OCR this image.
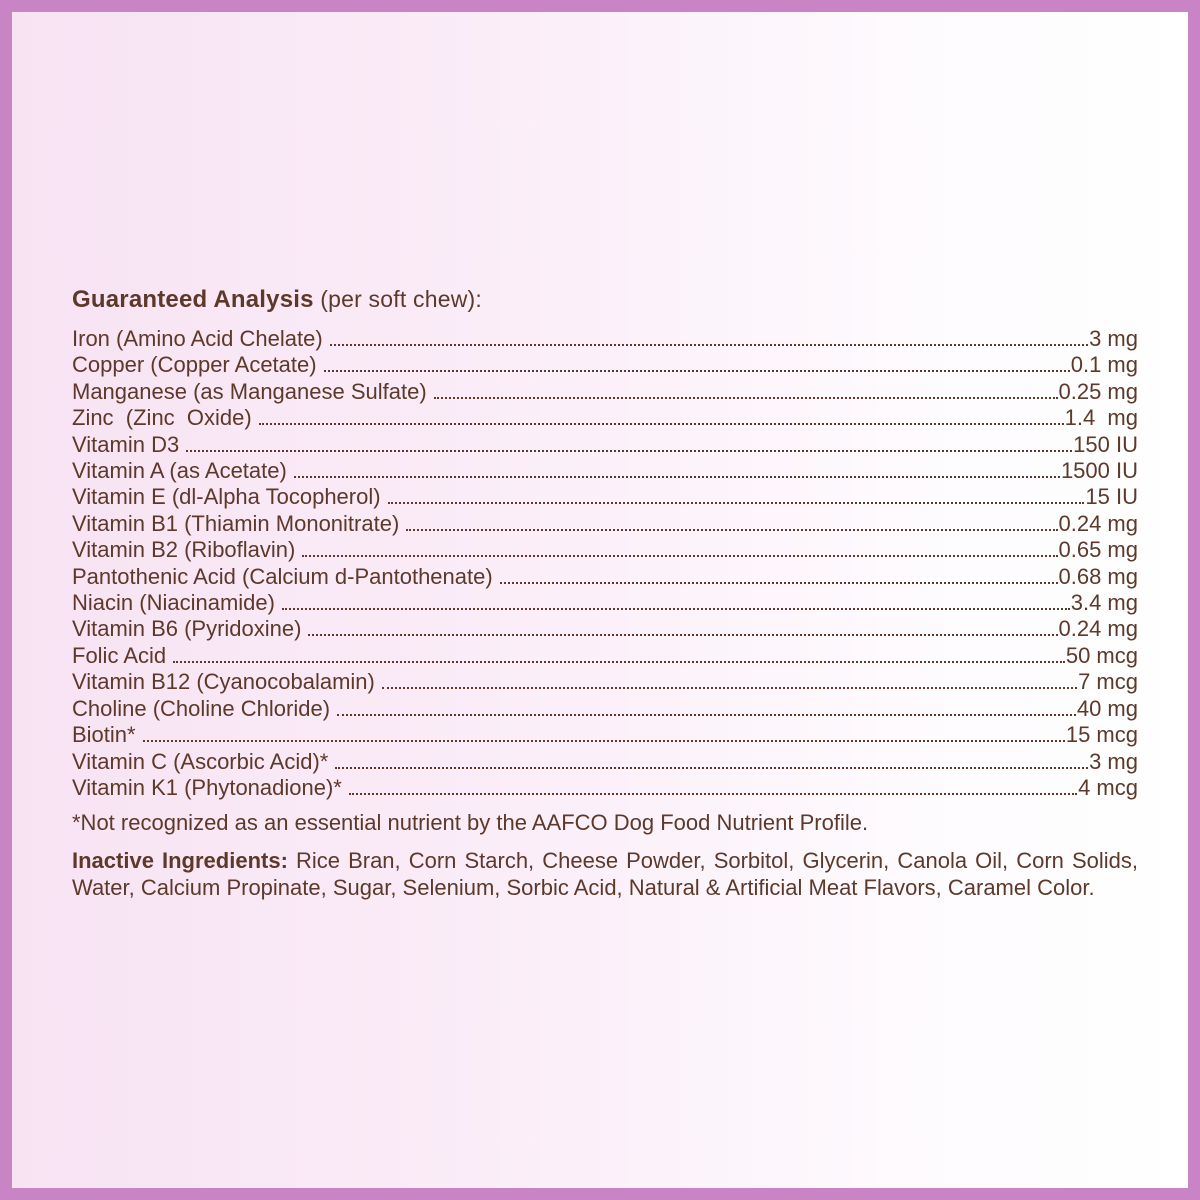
Guaranteed Analysis (per soft chew):
Iron (Amino Acid Chelate)	3 mg
Copper (Copper Acetate)	0.1 mg
Manganese (as Manganese Sulfate)	0.25 mg
Zinc  (Zinc  Oxide)	1.4  mg
Vitamin D3	150 IU
Vitamin A (as Acetate)	1500 IU
Vitamin E (dl-Alpha Tocopherol)	15 IU
Vitamin B1 (Thiamin Mononitrate)	0.24 mg
Vitamin B2 (Riboflavin)	0.65 mg
Pantothenic Acid (Calcium d-Pantothenate)	0.68 mg
Niacin (Niacinamide)	3.4 mg
Vitamin B6 (Pyridoxine)	0.24 mg
Folic Acid	50 mcg
Vitamin B12 (Cyanocobalamin)	7 mcg
Choline (Choline Chloride)	40 mg
Biotin*	15 mcg
Vitamin C (Ascorbic Acid)*	3 mg
Vitamin K1 (Phytonadione)*	4 mcg

*Not recognized as an essential nutrient by the AAFCO Dog Food Nutrient Profile.

Inactive Ingredients: Rice Bran, Corn Starch, Cheese Powder, Sorbitol, Glycerin, Canola Oil, Corn Solids, Water, Calcium Propinate, Sugar, Selenium, Sorbic Acid, Natural & Artificial Meat Flavors, Caramel Color.
